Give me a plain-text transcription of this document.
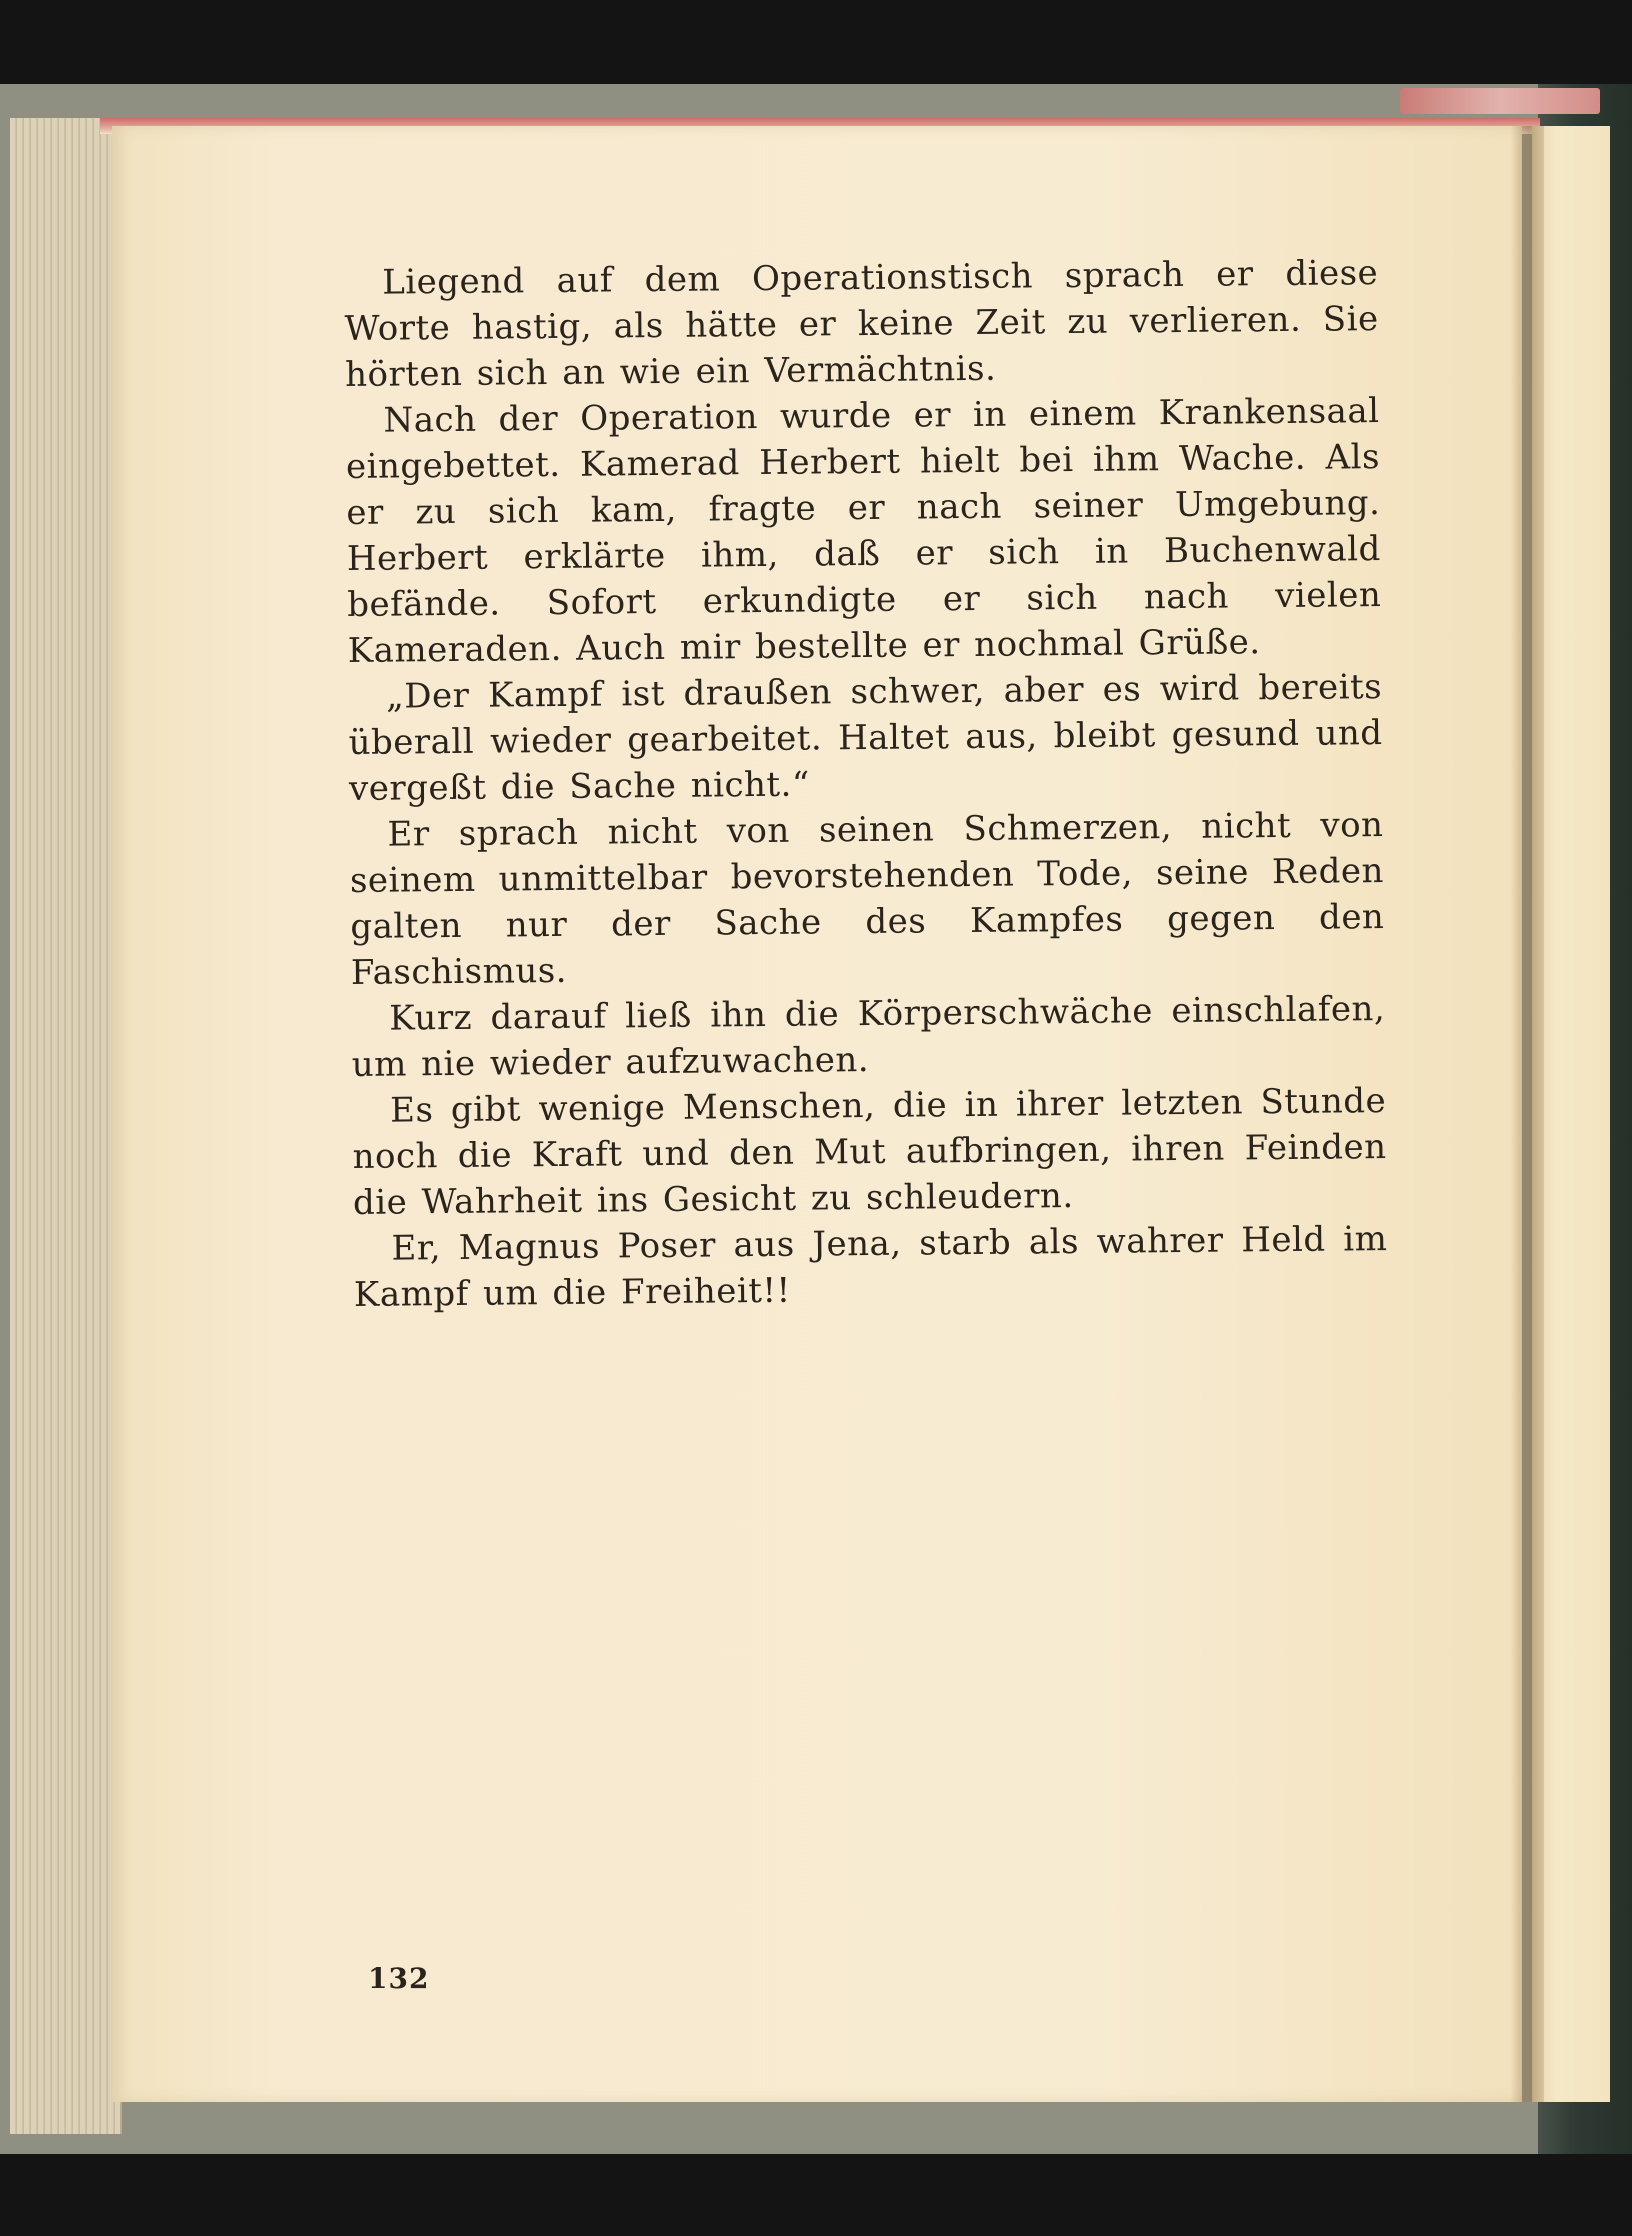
Liegend auf dem Operationstisch sprach er diese Worte hastig, als hätte er keine Zeit zu verlieren. Sie hörten sich an wie ein Vermächtnis.

Nach der Operation wurde er in einem Krankensaal eingebettet. Kamerad Herbert hielt bei ihm Wache. Als er zu sich kam, fragte er nach seiner Umgebung. Herbert erklärte ihm, daß er sich in Buchenwald befände. Sofort erkundigte er sich nach vielen Kameraden. Auch mir bestellte er nochmal Grüße.

„Der Kampf ist draußen schwer, aber es wird bereits überall wieder gearbeitet. Haltet aus, bleibt gesund und vergeßt die Sache nicht.“

Er sprach nicht von seinen Schmerzen, nicht von seinem unmittelbar bevorstehenden Tode, seine Reden galten nur der Sache des Kampfes gegen den Faschismus.

Kurz darauf ließ ihn die Körperschwäche einschlafen, um nie wieder aufzuwachen.

Es gibt wenige Menschen, die in ihrer letzten Stunde noch die Kraft und den Mut aufbringen, ihren Feinden die Wahrheit ins Gesicht zu schleudern.

Er, Magnus Poser aus Jena, starb als wahrer Held im Kampf um die Freiheit!!

132
